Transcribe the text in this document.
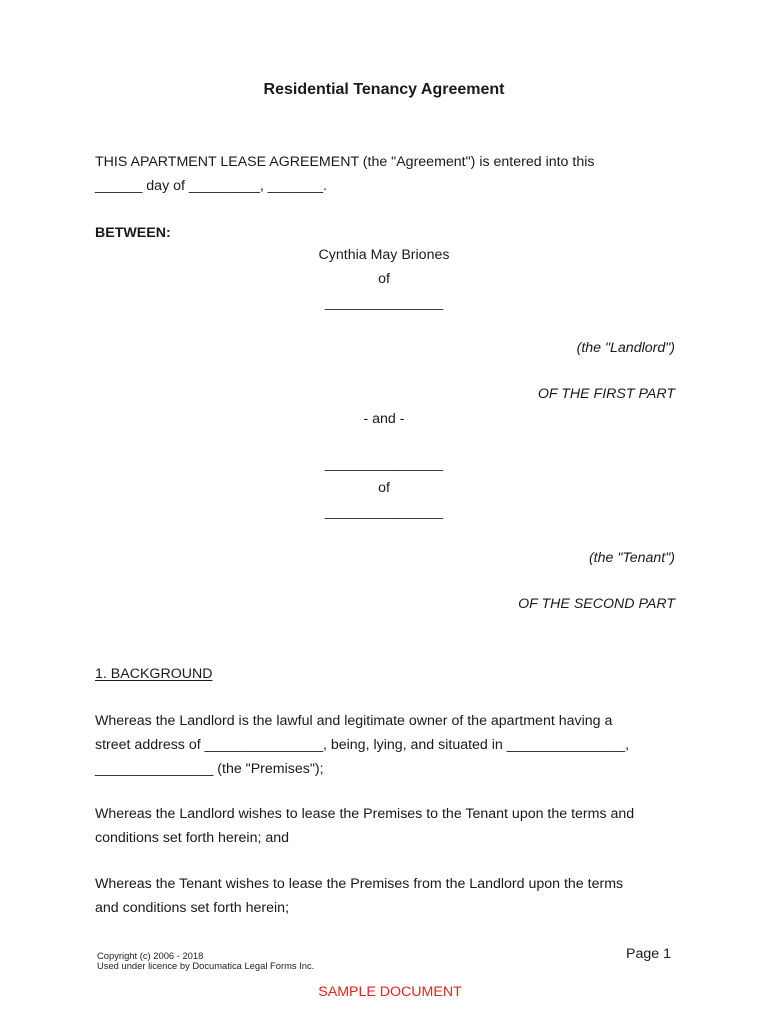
Residential Tenancy Agreement
THIS APARTMENT LEASE AGREEMENT (the "Agreement") is entered into this
______ day of _________, _______.
BETWEEN:
Cynthia May Briones
of
_______________
(the "Landlord")
OF THE FIRST PART
- and -
_______________
of
_______________
(the "Tenant")
OF THE SECOND PART
1. BACKGROUND
Whereas the Landlord is the lawful and legitimate owner of the apartment having a
street address of _______________, being, lying, and situated in _______________,
_______________ (the "Premises");
Whereas the Landlord wishes to lease the Premises to the Tenant upon the terms and
conditions set forth herein; and
Whereas the Tenant wishes to lease the Premises from the Landlord upon the terms
and conditions set forth herein;
Copyright (c) 2006 - 2018
Used under licence by Documatica Legal Forms Inc.
Page 1
SAMPLE DOCUMENT
